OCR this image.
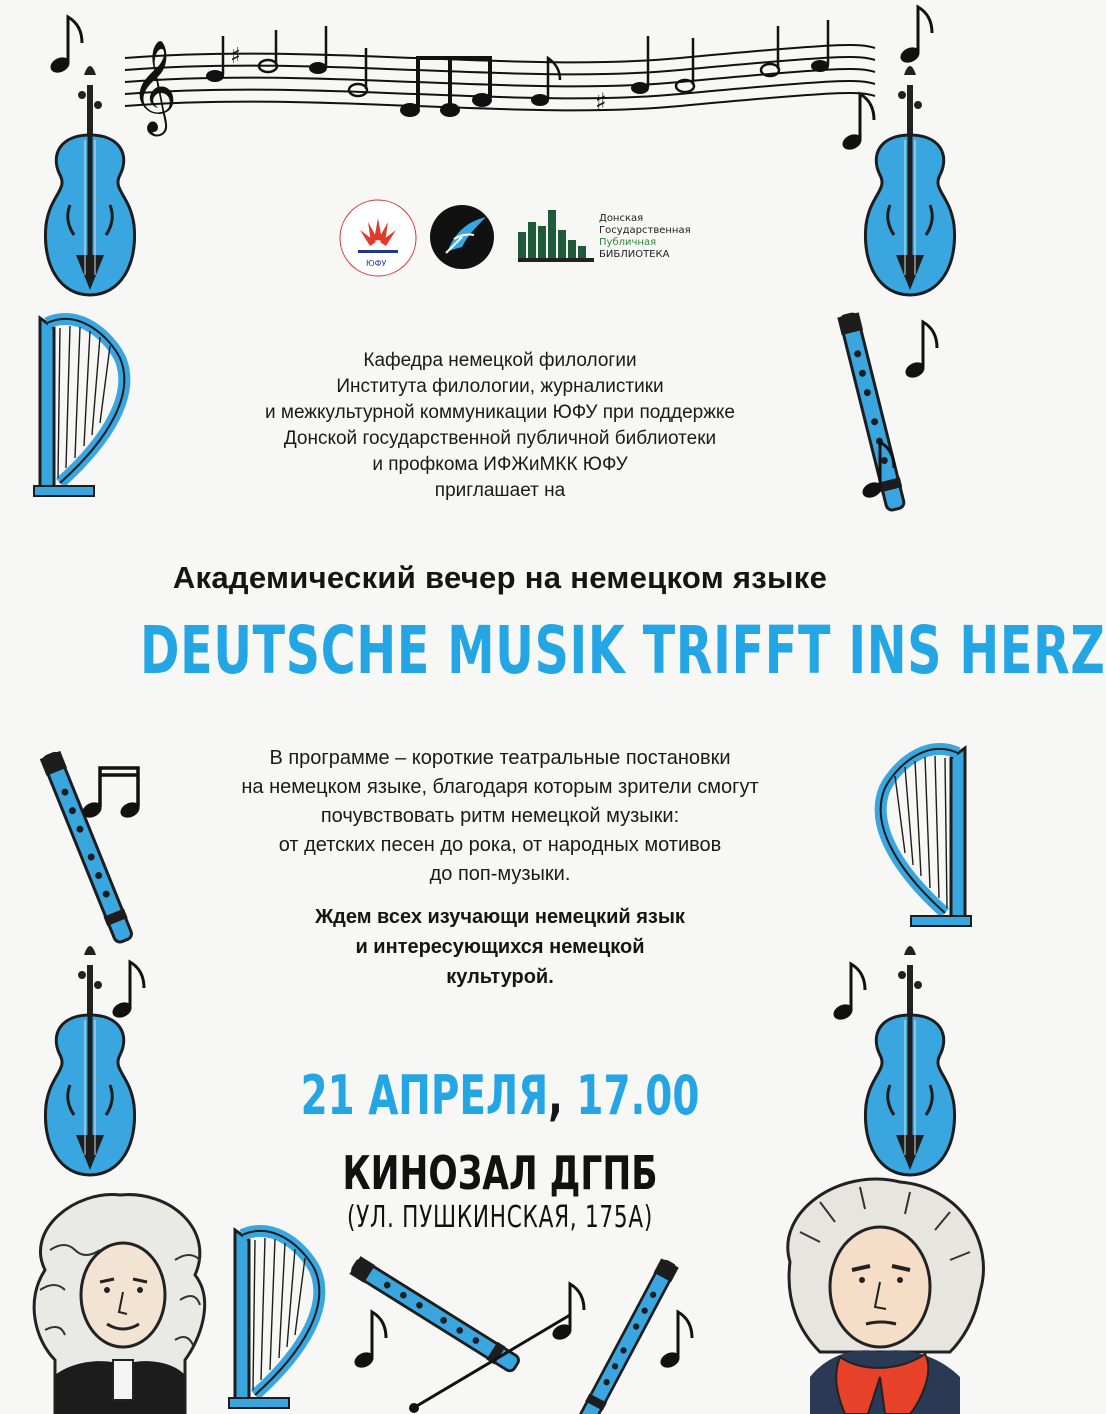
𝄞 ♯
♯
ЮФУ
Донская
Государственная
Публичная
БИБЛИОТЕКА
Кафедра немецкой филологии
Института филологии, журналистики
и межкультурной коммуникации ЮФУ при поддержке
Донской государственной публичной библиотеки
и профкома ИФЖиМКК ЮФУ
приглашает на
Академический вечер на немецком языке
DEUTSCHE MUSIK TRIFFT INS HERZ
В программе – короткие театральные постановки
на немецком языке, благодаря которым зрители смогут
почувствовать ритм немецкой музыки:
от детских песен до рока, от народных мотивов
до поп-музыки.
Ждем всех изучающи немецкий язык
и интересующихся немецкой
культурой.
21 АПРЕЛЯ, 17.00
КИНОЗАЛ ДГПБ
(УЛ. ПУШКИНСКАЯ, 175А)
